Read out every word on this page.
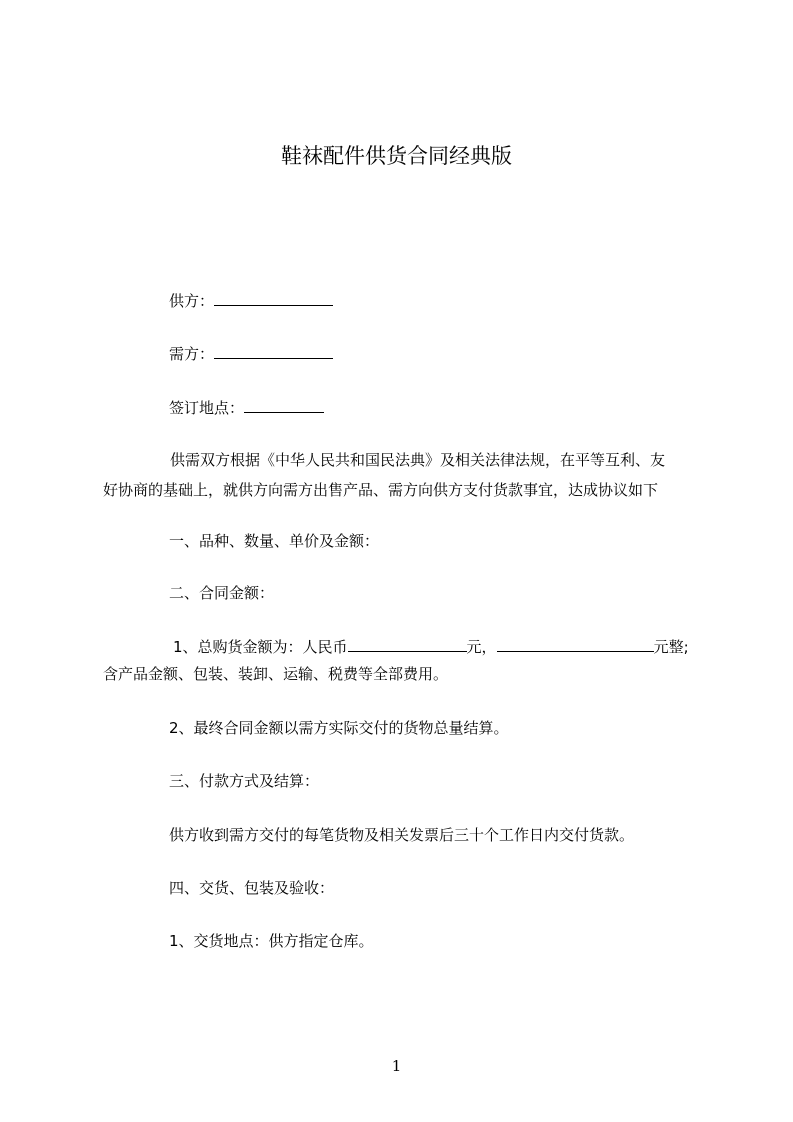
鞋袜配件供货合同经典版
供方：
需方：
签订地点：
供需双方根据《中华人民共和国民法典》及相关法律法规，在平等互利、友
好协商的基础上，就供方向需方出售产品、需方向供方支付货款事宜，达成协议如下
一、品种、数量、单价及金额：
二、合同金额：
1、总购货金额为：人民币	元，	元整;
含产品金额、包装、装卸、运输、税费等全部费用。
2、最终合同金额以需方实际交付的货物总量结算。
三、付款方式及结算：
供方收到需方交付的每笔货物及相关发票后三十个工作日内交付货款。
四、交货、包装及验收：
1、交货地点：供方指定仓库。
1
